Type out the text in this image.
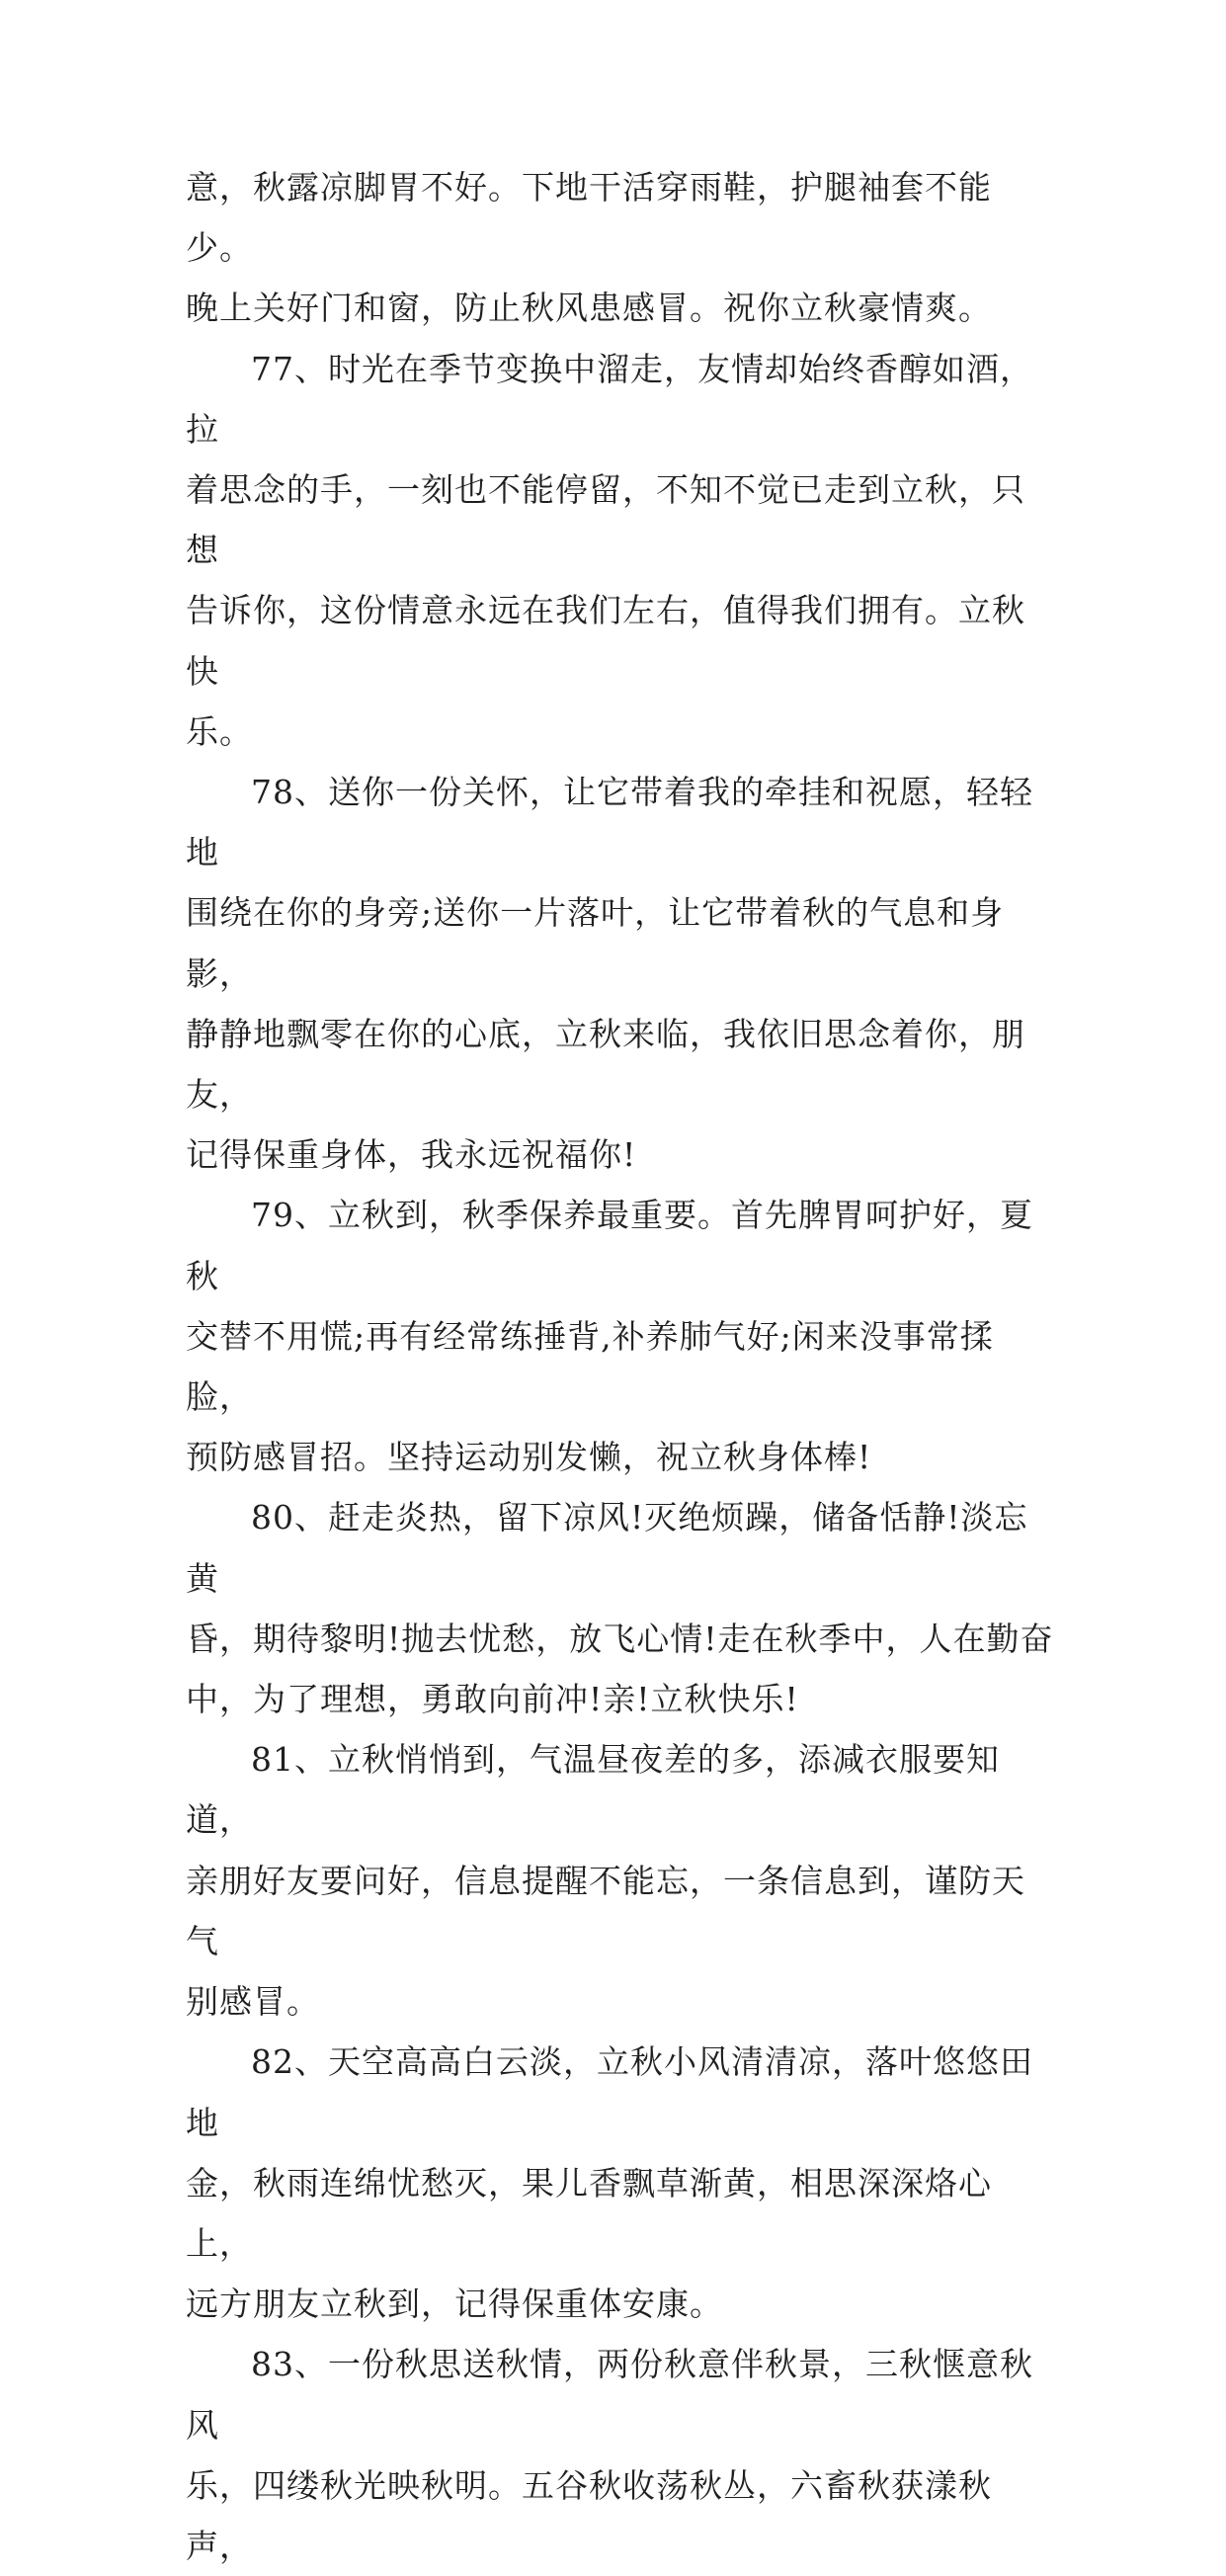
意，秋露凉脚胃不好。下地干活穿雨鞋，护腿袖套不能少。
晚上关好门和窗，防止秋风患感冒。祝你立秋豪情爽。

77、时光在季节变换中溜走，友情却始终香醇如酒，拉
着思念的手，一刻也不能停留，不知不觉已走到立秋，只想
告诉你，这份情意永远在我们左右，值得我们拥有。立秋快
乐。

78、送你一份关怀，让它带着我的牵挂和祝愿，轻轻地
围绕在你的身旁;送你一片落叶，让它带着秋的气息和身影，
静静地飘零在你的心底，立秋来临，我依旧思念着你，朋友，
记得保重身体，我永远祝福你!

79、立秋到，秋季保养最重要。首先脾胃呵护好，夏秋
交替不用慌;再有经常练捶背,补养肺气好;闲来没事常揉脸，
预防感冒招。坚持运动别发懒，祝立秋身体棒!

80、赶走炎热，留下凉风!灭绝烦躁，储备恬静!淡忘黄
昏，期待黎明!抛去忧愁，放飞心情!走在秋季中，人在勤奋
中，为了理想，勇敢向前冲!亲!立秋快乐!

81、立秋悄悄到，气温昼夜差的多，添减衣服要知道，
亲朋好友要问好，信息提醒不能忘，一条信息到，谨防天气
别感冒。

82、天空高高白云淡，立秋小风清清凉，落叶悠悠田地
金，秋雨连绵忧愁灭，果儿香飘草渐黄，相思深深烙心上，
远方朋友立秋到，记得保重体安康。

83、一份秋思送秋情，两份秋意伴秋景，三秋惬意秋风
乐，四缕秋光映秋明。五谷秋收荡秋丛，六畜秋获漾秋声，
